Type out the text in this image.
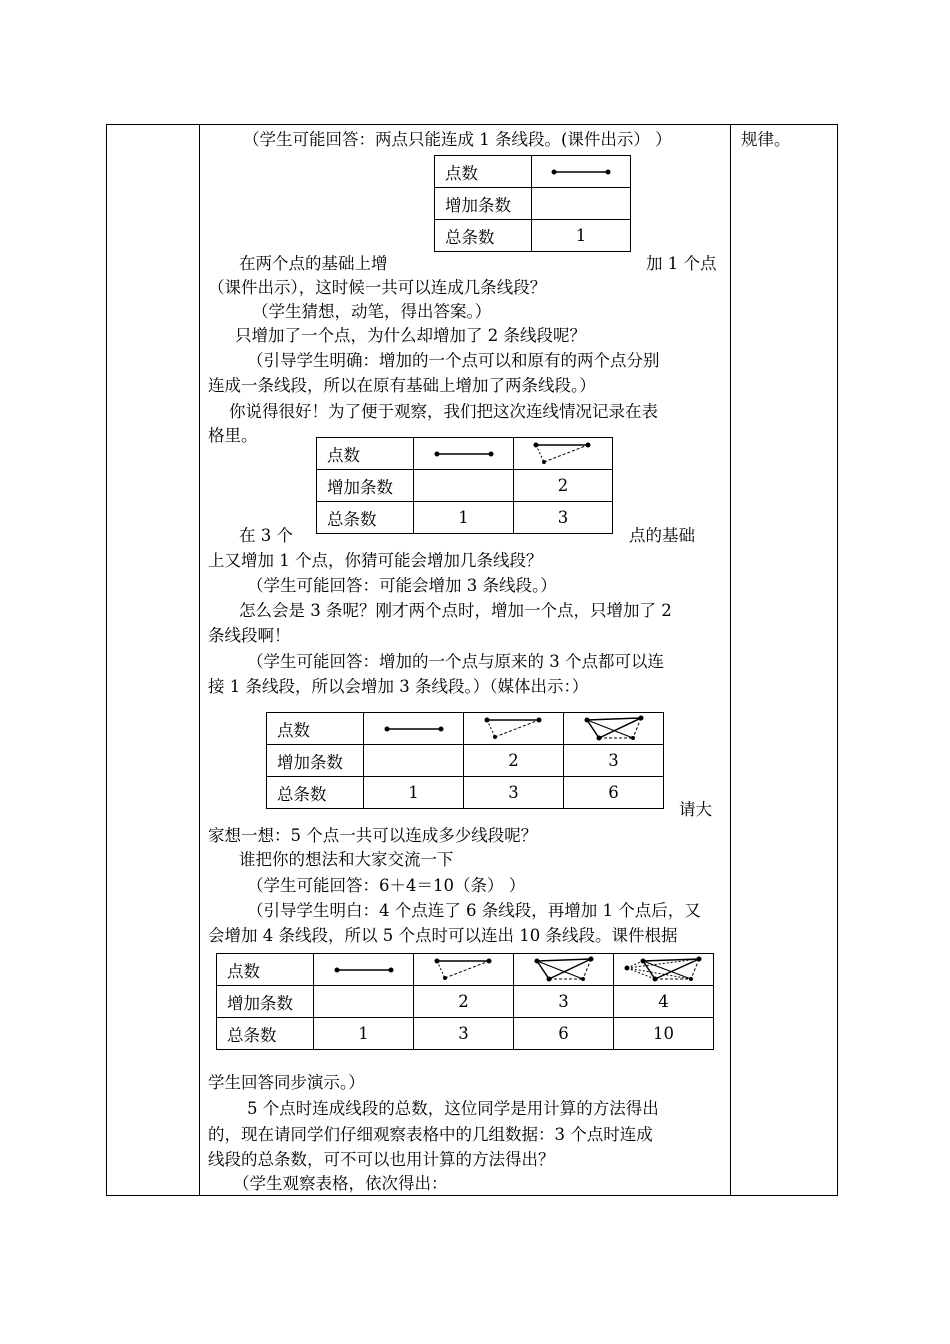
规律。
（学生可能回答：两点只能连成 1 条线段。(课件出示） ）
点数	

增加条数	
总条数	1
在两个点的基础上增	加 1 个点
（课件出示），这时候一共可以连成几条线段？
（学生猜想，动笔，得出答案。）
只增加了一个点，为什么却增加了 2 条线段呢？
（引导学生明确：增加的一个点可以和原有的两个点分别
连成一条线段，所以在原有基础上增加了两条线段。）
你说得很好！为了便于观察，我们把这次连线情况记录在表
格里。
点数	

增加条数		2
总条数	1	3
在 3 个	点的基础
上又增加 1 个点，你猜可能会增加几条线段？
（学生可能回答：可能会增加 3 条线段。）
怎么会是 3 条呢？刚才两个点时，增加一个点，只增加了 2
条线段啊！
（学生可能回答：增加的一个点与原来的 3 个点都可以连
接 1 条线段，所以会增加 3 条线段。）（媒体出示：）
点数	

增加条数		2	3
总条数	1	3	6
请大
家想一想：5 个点一共可以连成多少线段呢？
谁把你的想法和大家交流一下
（学生可能回答：6＋4＝10（条） ）
（引导学生明白：4 个点连了 6 条线段，再增加 1 个点后，又
会增加 4 条线段，所以 5 个点时可以连出 10 条线段。课件根据
点数	

增加条数		2	3	4
总条数	1	3	6	10
学生回答同步演示。）
5 个点时连成线段的总数，这位同学是用计算的方法得出
的，现在请同学们仔细观察表格中的几组数据：3 个点时连成
线段的总条数，可不可以也用计算的方法得出？
（学生观察表格，依次得出：
